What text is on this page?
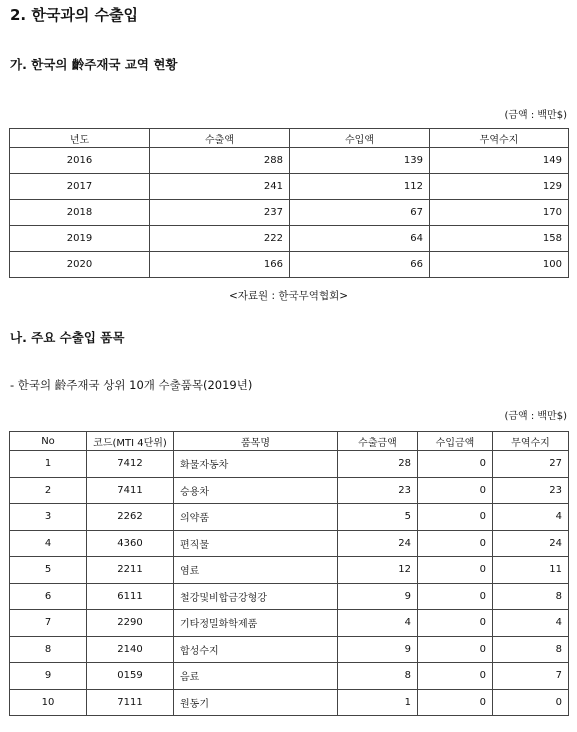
2. 한국과의 수출입

가. 한국의 齡주재국 교역 현황

(금액 : 백만$)
년도	수출액	수입액	무역수지
2016	288	139	149
2017	241	112	129
2018	237	67	170
2019	222	64	158
2020	166	66	100
<자료원 : 한국무역협회>

나. 주요 수출입 품목

- 한국의 齡주재국 상위 10개 수출품목(2019년)
(금액 : 백만$)
No	코드(MTI 4단위)	품목명	수출금액	수입금액	무역수지
1	7412	화물자동차	28	0	27
2	7411	승용차	23	0	23
3	2262	의약품	5	0	4
4	4360	편직물	24	0	24
5	2211	염료	12	0	11
6	6111	철강및비합금강형강	9	0	8
7	2290	기타정밀화학제품	4	0	4
8	2140	합성수지	9	0	8
9	0159	음료	8	0	7
10	7111	원동기	1	0	0
